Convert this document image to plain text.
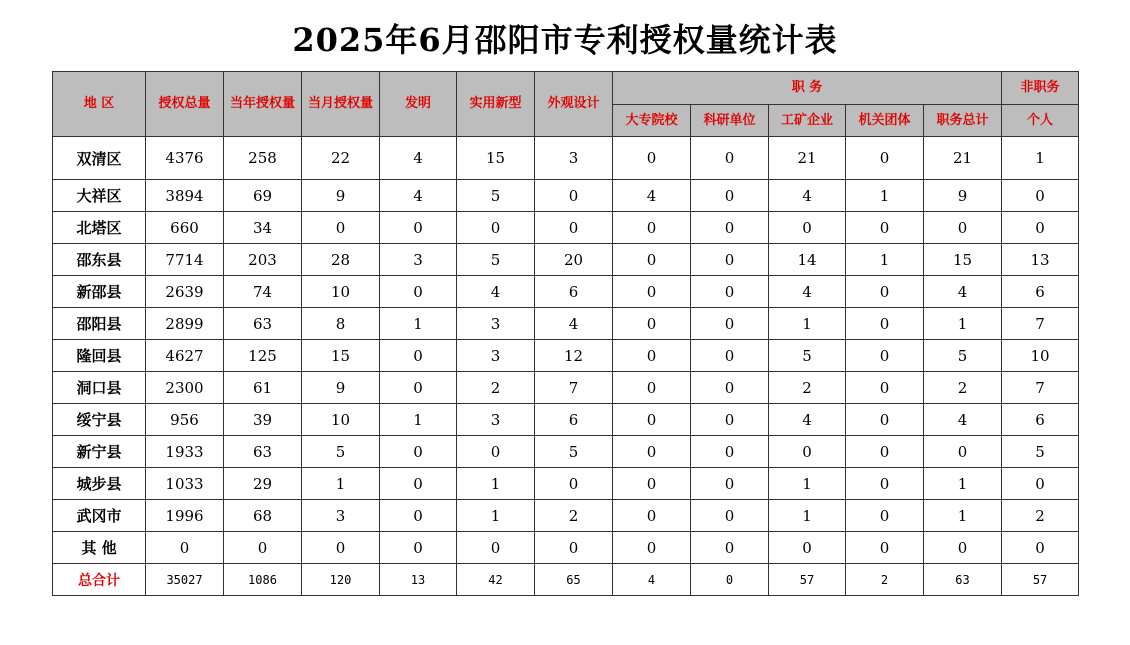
2025年6月邵阳市专利授权量统计表
地 区	授权总量	当年授权量	当月授权量	发明	实用新型	外观设计	职 务					非职务
							大专院校	科研单位	工矿企业	机关团体	职务总计	个人
双清区	4376	258	22	4	15	3	0	0	21	0	21	1
大祥区	3894	69	9	4	5	0	4	0	4	1	9	0
北塔区	660	34	0	0	0	0	0	0	0	0	0	0
邵东县	7714	203	28	3	5	20	0	0	14	1	15	13
新邵县	2639	74	10	0	4	6	0	0	4	0	4	6
邵阳县	2899	63	8	1	3	4	0	0	1	0	1	7
隆回县	4627	125	15	0	3	12	0	0	5	0	5	10
洞口县	2300	61	9	0	2	7	0	0	2	0	2	7
绥宁县	956	39	10	1	3	6	0	0	4	0	4	6
新宁县	1933	63	5	0	0	5	0	0	0	0	0	5
城步县	1033	29	1	0	1	0	0	0	1	0	1	0
武冈市	1996	68	3	0	1	2	0	0	1	0	1	2
其 他	0	0	0	0	0	0	0	0	0	0	0	0
总合计	35027	1086	120	13	42	65	4	0	57	2	63	57
